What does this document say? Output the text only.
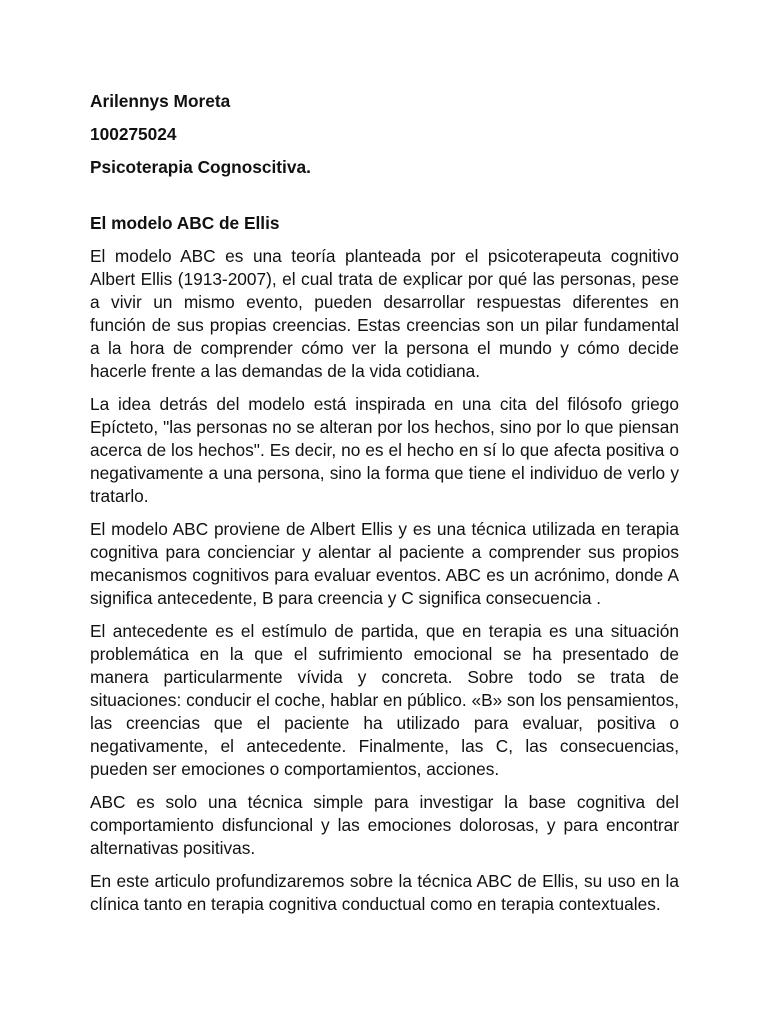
Arilennys Moreta
100275024
Psicoterapia Cognoscitiva.
El modelo ABC de Ellis

El modelo ABC es una teoría planteada por el psicoterapeuta cognitivo Albert Ellis (1913-2007), el cual trata de explicar por qué las personas, pese a vivir un mismo evento, pueden desarrollar respuestas diferentes en función de sus propias creencias. Estas creencias son un pilar fundamental a la hora de comprender cómo ver la persona el mundo y cómo decide hacerle frente a las demandas de la vida cotidiana.

La idea detrás del modelo está inspirada en una cita del filósofo griego Epícteto, "las personas no se alteran por los hechos, sino por lo que piensan acerca de los hechos". Es decir, no es el hecho en sí lo que afecta positiva o negativamente a una persona, sino la forma que tiene el individuo de verlo y tratarlo.

El modelo ABC proviene de Albert Ellis y es una técnica utilizada en terapia cognitiva para concienciar y alentar al paciente a comprender sus propios mecanismos cognitivos para evaluar eventos. ABC es un acrónimo, donde A significa antecedente, B para creencia y C significa consecuencia .

El antecedente es el estímulo de partida, que en terapia es una situación problemática en la que el sufrimiento emocional se ha presentado de manera particularmente vívida y concreta. Sobre todo se trata de situaciones: conducir el coche, hablar en público. «B» son los pensamientos, las creencias que el paciente ha utilizado para evaluar, positiva o negativamente, el antecedente. Finalmente, las C, las consecuencias, pueden ser emociones o comportamientos, acciones.

ABC es solo una técnica simple para investigar la base cognitiva del comportamiento disfuncional y las emociones dolorosas, y para encontrar alternativas positivas.

En este articulo profundizaremos sobre la técnica ABC de Ellis, su uso en la clínica tanto en terapia cognitiva conductual como en terapia contextuales.
